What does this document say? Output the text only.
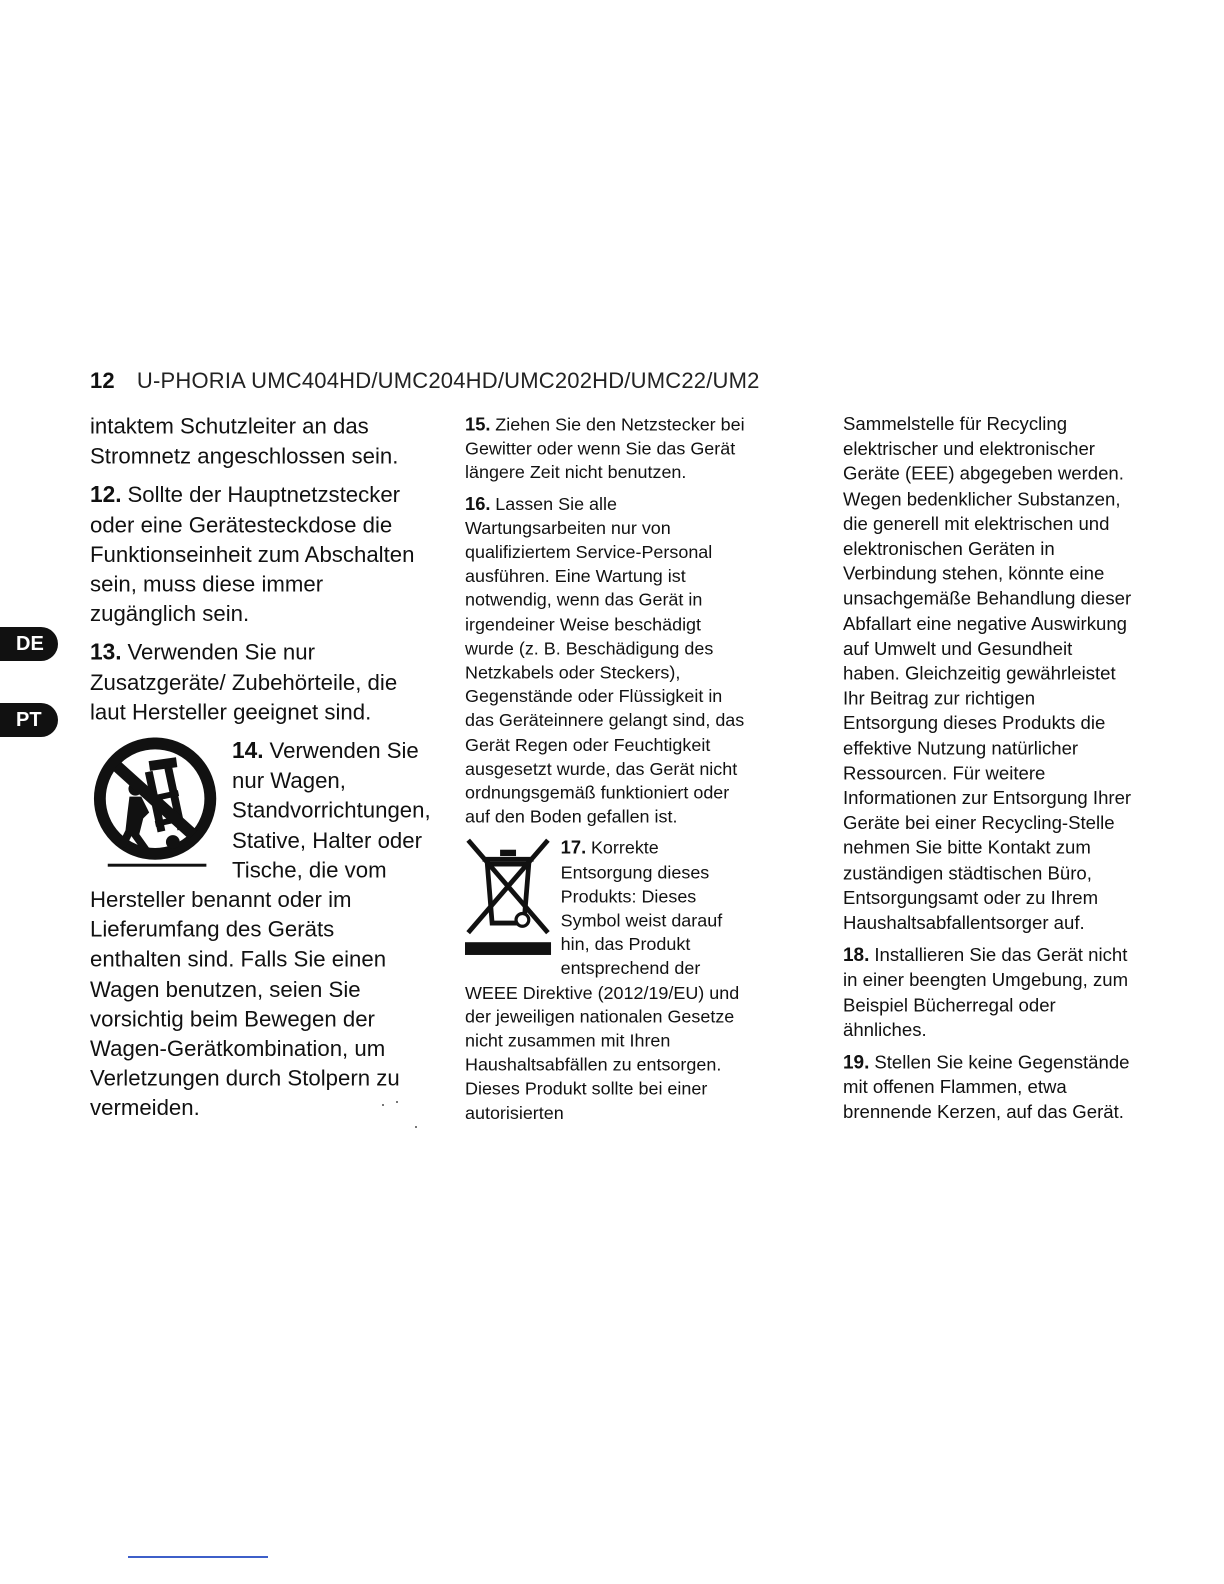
12 U-PHORIA UMC404HD/UMC204HD/UMC202HD/UMC22/UM2
DE
PT

intaktem Schutzleiter an das Stromnetz angeschlossen sein.

12. Sollte der Hauptnetzstecker oder eine Gerätesteckdose die Funktionseinheit zum Abschalten sein, muss diese immer zugänglich sein.

13. Verwenden Sie nur Zusatzgeräte/ Zubehörteile, die laut Hersteller geeignet sind.

14. Verwenden Sie nur Wagen, Standvorrichtungen, Stative, Halter oder Tische, die vom Hersteller benannt oder im Lieferumfang des Geräts enthalten sind. Falls Sie einen Wagen benutzen, seien Sie vorsichtig beim Bewegen der Wagen-Gerätkombination, um Verletzungen durch Stolpern zu vermeiden.

15. Ziehen Sie den Netzstecker bei Gewitter oder wenn Sie das Gerät längere Zeit nicht benutzen.

16. Lassen Sie alle Wartungsarbeiten nur von qualifiziertem Service-Personal ausführen. Eine Wartung ist notwendig, wenn das Gerät in irgendeiner Weise beschädigt wurde (z. B. Beschädigung des Netzkabels oder Steckers), Gegenstände oder Flüssigkeit in das Geräteinnere gelangt sind, das Gerät Regen oder Feuchtigkeit ausgesetzt wurde, das Gerät nicht ordnungsgemäß funktioniert oder auf den Boden gefallen ist.

17. Korrekte Entsorgung dieses Produkts: Dieses Symbol weist darauf hin, das Produkt entsprechend der WEEE Direktive (2012/19/EU) und der jeweiligen nationalen Gesetze nicht zusammen mit Ihren Haushaltsabfällen zu entsorgen. Dieses Produkt sollte bei einer autorisierten

Sammelstelle für Recycling elektrischer und elektronischer Geräte (EEE) abgegeben werden. Wegen bedenklicher Substanzen, die generell mit elektrischen und elektronischen Geräten in Verbindung stehen, könnte eine unsachgemäße Behandlung dieser Abfallart eine negative Auswirkung auf Umwelt und Gesundheit haben. Gleichzeitig gewährleistet Ihr Beitrag zur richtigen Entsorgung dieses Produkts die effektive Nutzung natürlicher Ressourcen. Für weitere Informationen zur Entsorgung Ihrer Geräte bei einer Recycling-Stelle nehmen Sie bitte Kontakt zum zuständigen städtischen Büro, Entsorgungsamt oder zu Ihrem Haushaltsabfallentsorger auf.

18. Installieren Sie das Gerät nicht in einer beengten Umgebung, zum Beispiel Bücherregal oder ähnliches.

19. Stellen Sie keine Gegenstände mit offenen Flammen, etwa brennende Kerzen, auf das Gerät.
